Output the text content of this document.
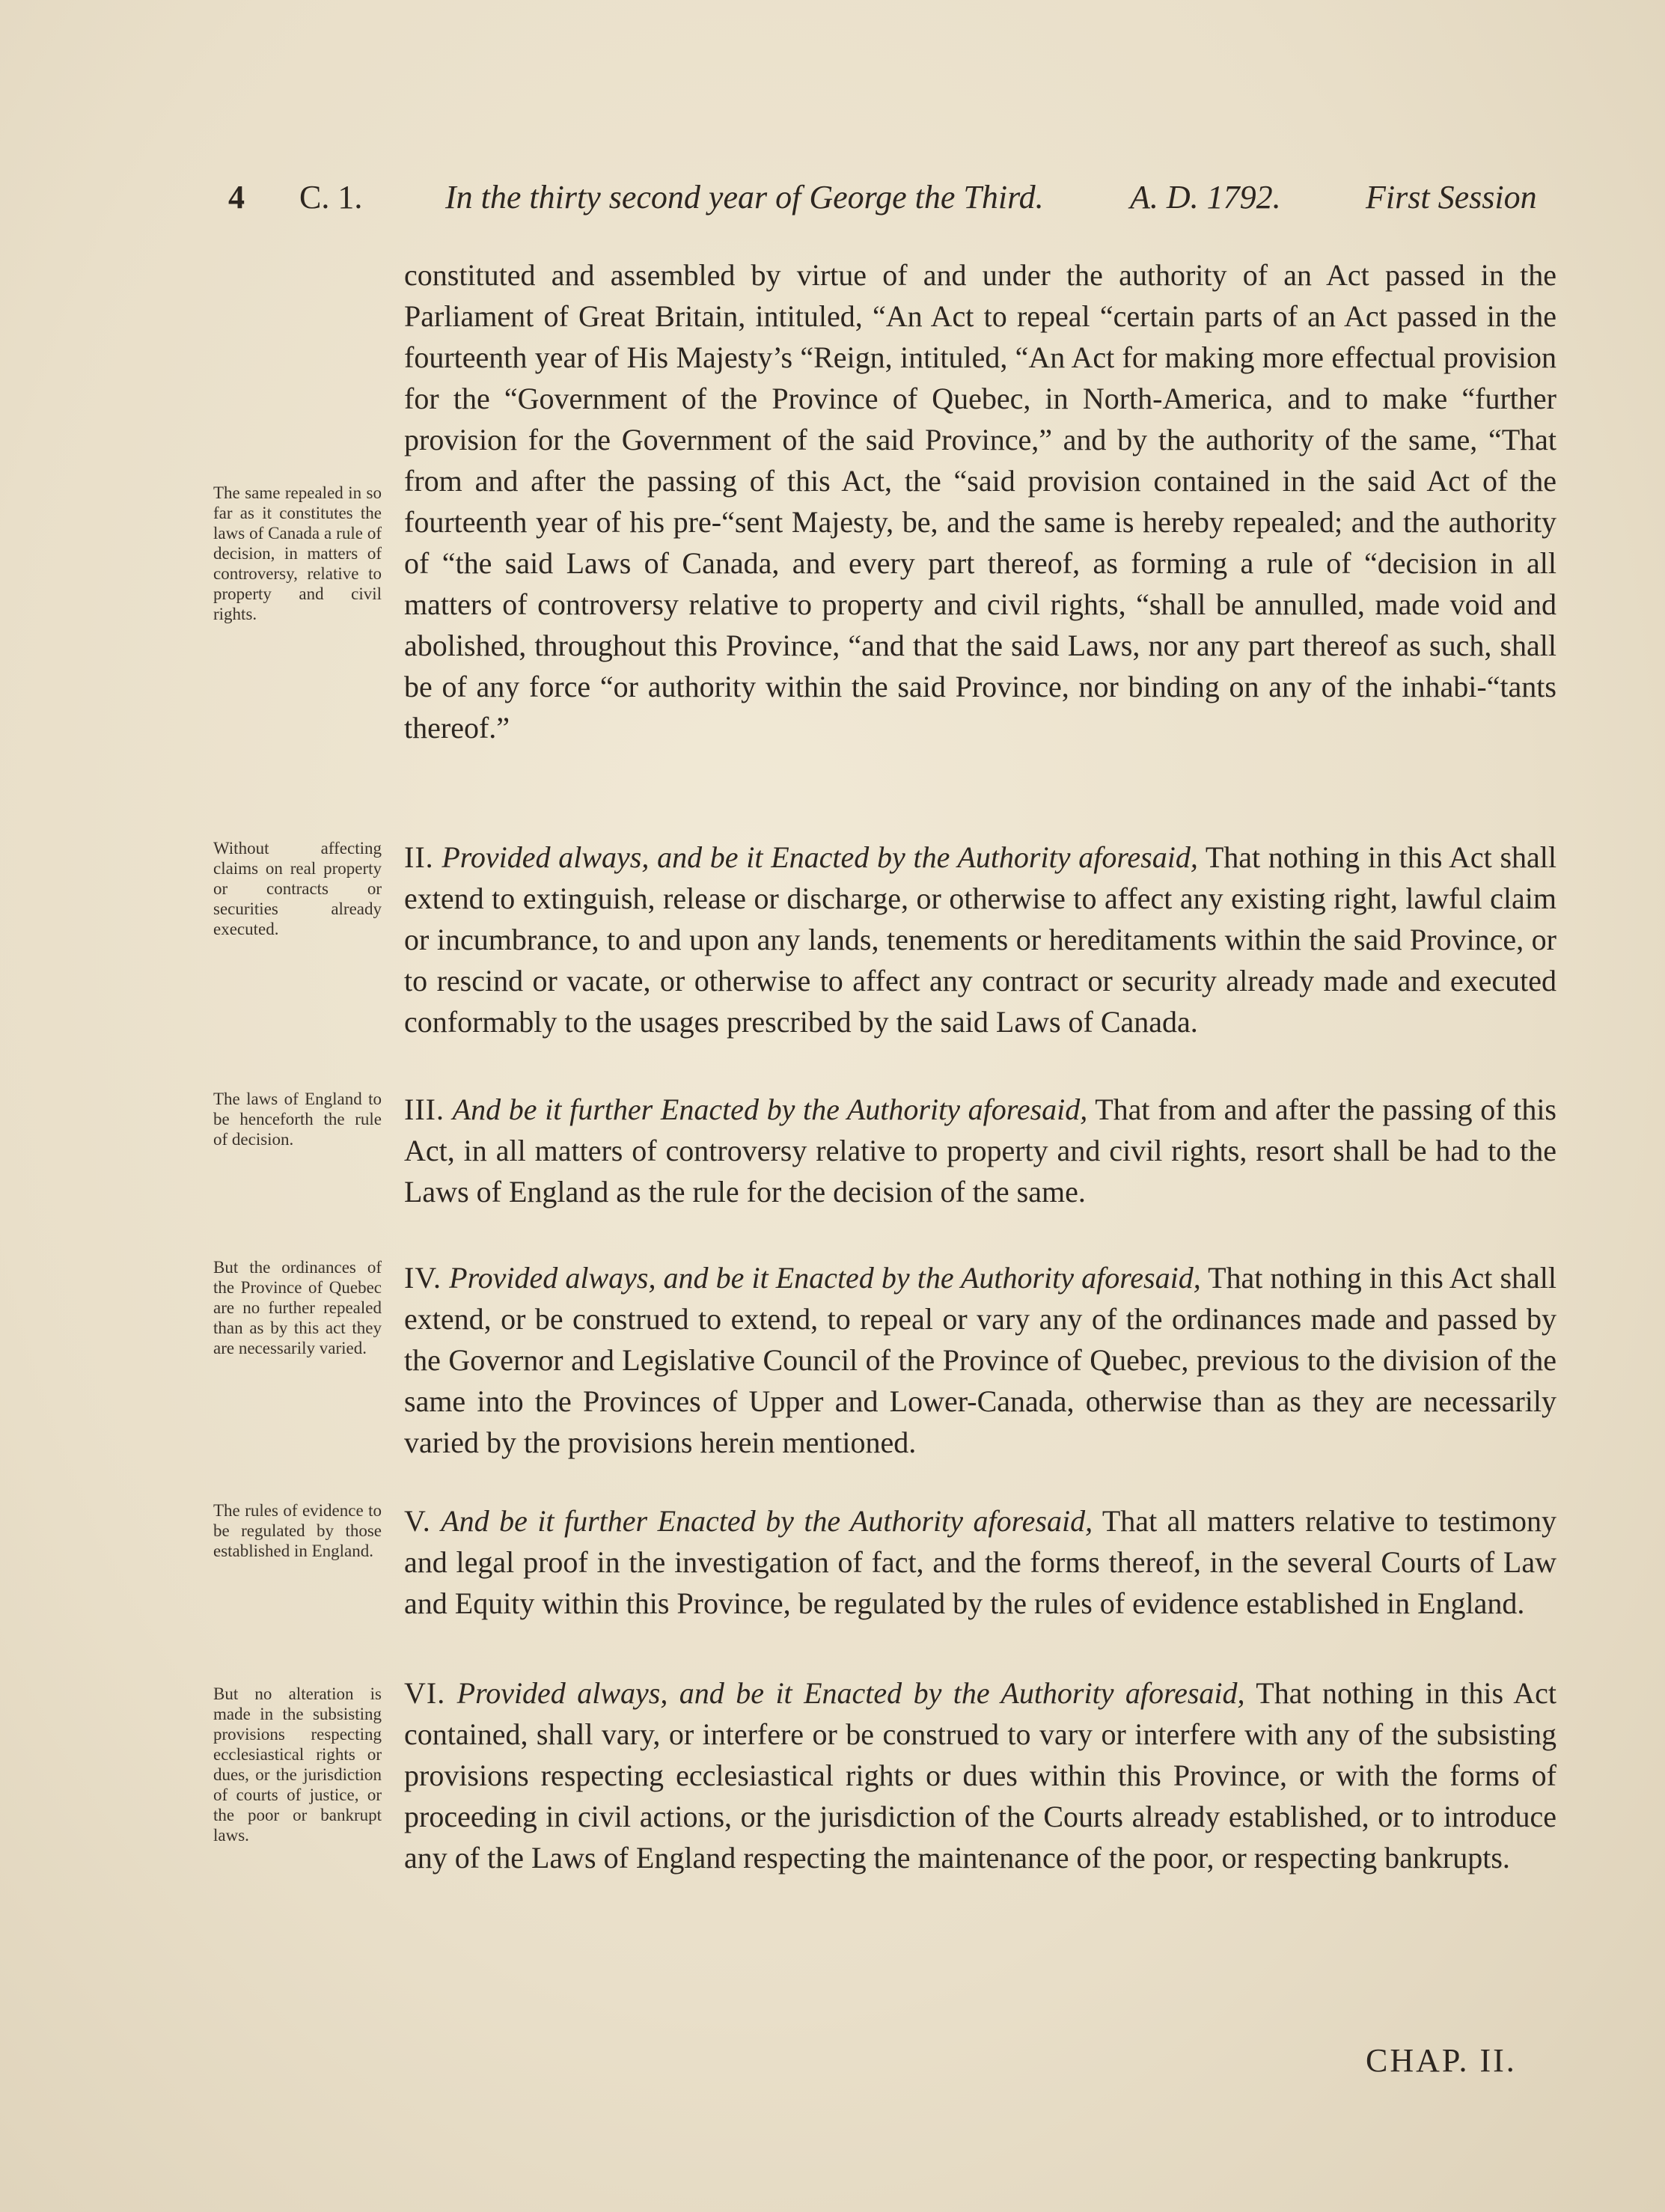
4 C. 1.	In the thirty second year of George the Third.	A. D. 1792.	First Session

constituted and assembled by virtue of and under the authority of an Act passed in the Parliament of Great Britain, intituled, “An Act to repeal “certain parts of an Act passed in the fourteenth year of His Majesty’s “Reign, intituled, “An Act for making more effectual provision for the “Government of the Province of Quebec, in North-America, and to make “further provision for the Government of the said Province,” and by the authority of the same, “That from and after the passing of this Act, the “said provision contained in the said Act of the fourteenth year of his pre-“sent Majesty, be, and the same is hereby repealed; and the authority of “the said Laws of Canada, and every part thereof, as forming a rule of “decision in all matters of controversy relative to property and civil rights, “shall be annulled, made void and abolished, throughout this Province, “and that the said Laws, nor any part thereof as such, shall be of any force “or authority within the said Province, nor binding on any of the inhabi-“tants thereof.”

The same repealed in so far as it constitutes the laws of Canada a rule of decision, in matters of controversy, relative to property and civil rights.

Without affecting claims on real property or contracts or securities already executed.

The laws of England to be henceforth the rule of decision.

But the ordinances of the Province of Quebec are no further repealed than as by this act they are necessarily varied.

The rules of evidence to be regulated by those established in England.

But no alteration is made in the subsisting provisions respecting ecclesiastical rights or dues, or the jurisdiction of courts of justice, or the poor or bankrupt laws.

II. Provided always, and be it Enacted by the Authority aforesaid, That nothing in this Act shall extend to extinguish, release or discharge, or otherwise to affect any existing right, lawful claim or incumbrance, to and upon any lands, tenements or hereditaments within the said Province, or to rescind or vacate, or otherwise to affect any contract or security already made and executed conformably to the usages prescribed by the said Laws of Canada.

III. And be it further Enacted by the Authority aforesaid, That from and after the passing of this Act, in all matters of controversy relative to property and civil rights, resort shall be had to the Laws of England as the rule for the decision of the same.

IV. Provided always, and be it Enacted by the Authority aforesaid, That nothing in this Act shall extend, or be construed to extend, to repeal or vary any of the ordinances made and passed by the Governor and Legislative Council of the Province of Quebec, previous to the division of the same into the Provinces of Upper and Lower-Canada, otherwise than as they are necessarily varied by the provisions herein mentioned.

V. And be it further Enacted by the Authority aforesaid, That all matters relative to testimony and legal proof in the investigation of fact, and the forms thereof, in the several Courts of Law and Equity within this Province, be regulated by the rules of evidence established in England.

VI. Provided always, and be it Enacted by the Authority aforesaid, That nothing in this Act contained, shall vary, or interfere or be construed to vary or interfere with any of the subsisting provisions respecting ecclesiastical rights or dues within this Province, or with the forms of proceeding in civil actions, or the jurisdiction of the Courts already established, or to introduce any of the Laws of England respecting the maintenance of the poor, or respecting bankrupts.

CHAP. II.
